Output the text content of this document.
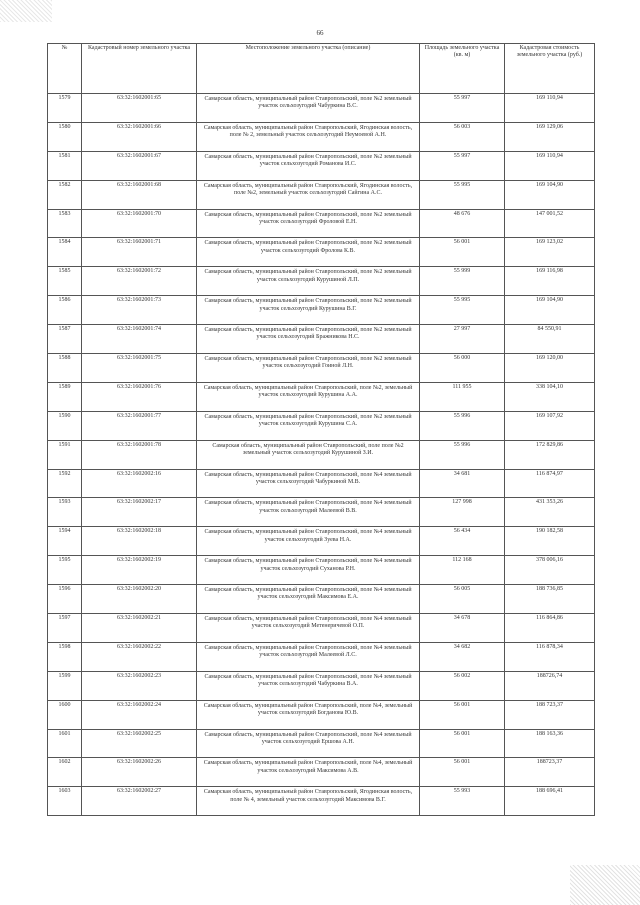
66
№	Кадастровый номер земельного участка	Местоположение земельного участка (описание)	Площадь земельного участка (кв. м)	Кадастровая стоимость земельного участка (руб.)
1579	63:32:1602001:65	Самарская область, муниципальный район Ставропольский, поле №2 земельный участок сельхозугодий Чабуркина В.С.	55 997	169 110,94
1580	63:32:1602001:66	Самарская область, муниципальный район Ставропольский, Ягодинская волость, поле № 2, земельный участок сельхозугодий Неумоевой А.Н.	56 003	169 129,06
1581	63:32:1602001:67	Самарская область, муниципальный район Ставропольский, поле №2 земельный участок сельхозугодий Романова И.С.	55 997	169 110,94
1582	63:32:1602001:68	Самарская область, муниципальный район Ставропольский, Ягодинская волость, поле №2, земельный участок сельхозугодий Сайгина А.С.	55 995	169 104,90
1583	63:32:1602001:70	Самарская область, муниципальный район Ставропольский, поле №2 земельный участок сельхозугодий Фроловой Е.Н.	48 676	147 001,52
1584	63:32:1602001:71	Самарская область, муниципальный район Ставропольский, поле №2 земельный участок сельхозугодий Фролова К.В.	56 001	169 123,02
1585	63:32:1602001:72	Самарская область, муниципальный район Ставропольский, поле №2 земельный участок сельхозугодий Курушиной Л.П.	55 999	169 116,98
1586	63:32:1602001:73	Самарская область, муниципальный район Ставропольский, поле №2 земельный участок сельхозугодий Курушина В.Г.	55 995	169 104,90
1587	63:32:1602001:74	Самарская область, муниципальный район Ставропольский, поле №2 земельный участок сельхозугодий Бражникова Н.С.	27 997	84 550,91
1588	63:32:1602001:75	Самарская область, муниципальный район Ставропольский, поле №2 земельный участок сельхозугодий Гоиной Л.Н.	56 000	169 120,00
1589	63:32:1602001:76	Самарская область, муниципальный район Ставропольский, поле №2, земельный участок сельхозугодий Курушина А.А.	111 955	338 104,10
1590	63:32:1602001:77	Самарская область, муниципальный район Ставропольский, поле №2 земельный участок сельхозугодий Курушина С.А.	55 996	169 107,92
1591	63:32:1602001:78	Самарская область, муниципальный район Ставропольский, поле поле №2 земельный участок сельхозугодий Курушиной З.И.	55 996	172 829,86
1592	63:32:1602002:16	Самарская область, муниципальный район Ставропольский, поле №4 земельный участок сельхозугодий Чабуркиной М.В.	34 681	116 874,97
1593	63:32:1602002:17	Самарская область, муниципальный район Ставропольский, поле №4 земельный участок сельхозугодий Малеевой В.В.	127 998	431 353,26
1594	63:32:1602002:18	Самарская область, муниципальный район Ставропольский, поле №4 земельный участок сельхозугодий Зуева Н.А.	56 434	190 182,58
1595	63:32:1602002:19	Самарская область, муниципальный район Ставропольский, поле №4 земельный участок сельхозугодий Суханова Р.Н.	112 168	378 006,16
1596	63:32:1602002:20	Самарская область, муниципальный район Ставропольский, поле №4 земельный участок сельхозугодий Максимова Е.А.	56 005	188 736,85
1597	63:32:1602002:21	Самарская область, муниципальный район Ставропольский, поле №4 земельный участок сельхозугодий Метенеричевой О.П.	34 678	116 864,86
1598	63:32:1602002:22	Самарская область, муниципальный район Ставропольский, поле №4 земельный участок сельхозугодий Малеевой Л.С.	34 682	116 878,34
1599	63:32:1602002:23	Самарская область, муниципальный район Ставропольский, поле №4 земельный участок сельхозугодий Чабуркина В.А.	56 002	188726,74
1600	63:32:1602002:24	Самарская область, муниципальный район Ставропольский, поле №4, земельный участок сельхозугодий Богданова Ю.В.	56 001	188 723,37
1601	63:32:1602002:25	Самарская область, муниципальный район Ставропольский, поле №4 земельный участок сельхозугодий Ершова А.Н.	56 001	188 163,36
1602	63:32:1602002:26	Самарская область, муниципальный район Ставропольский, поле №4, земельный участок сельхозугодий Максимова А.В.	56 001	188723,37
1603	63:32:1602002:27	Самарская область, муниципальный район Ставропольский, Ягодинская волость, поле № 4, земельный участок сельхозугодий Максимова В.Г.	55 993	188 696,41
